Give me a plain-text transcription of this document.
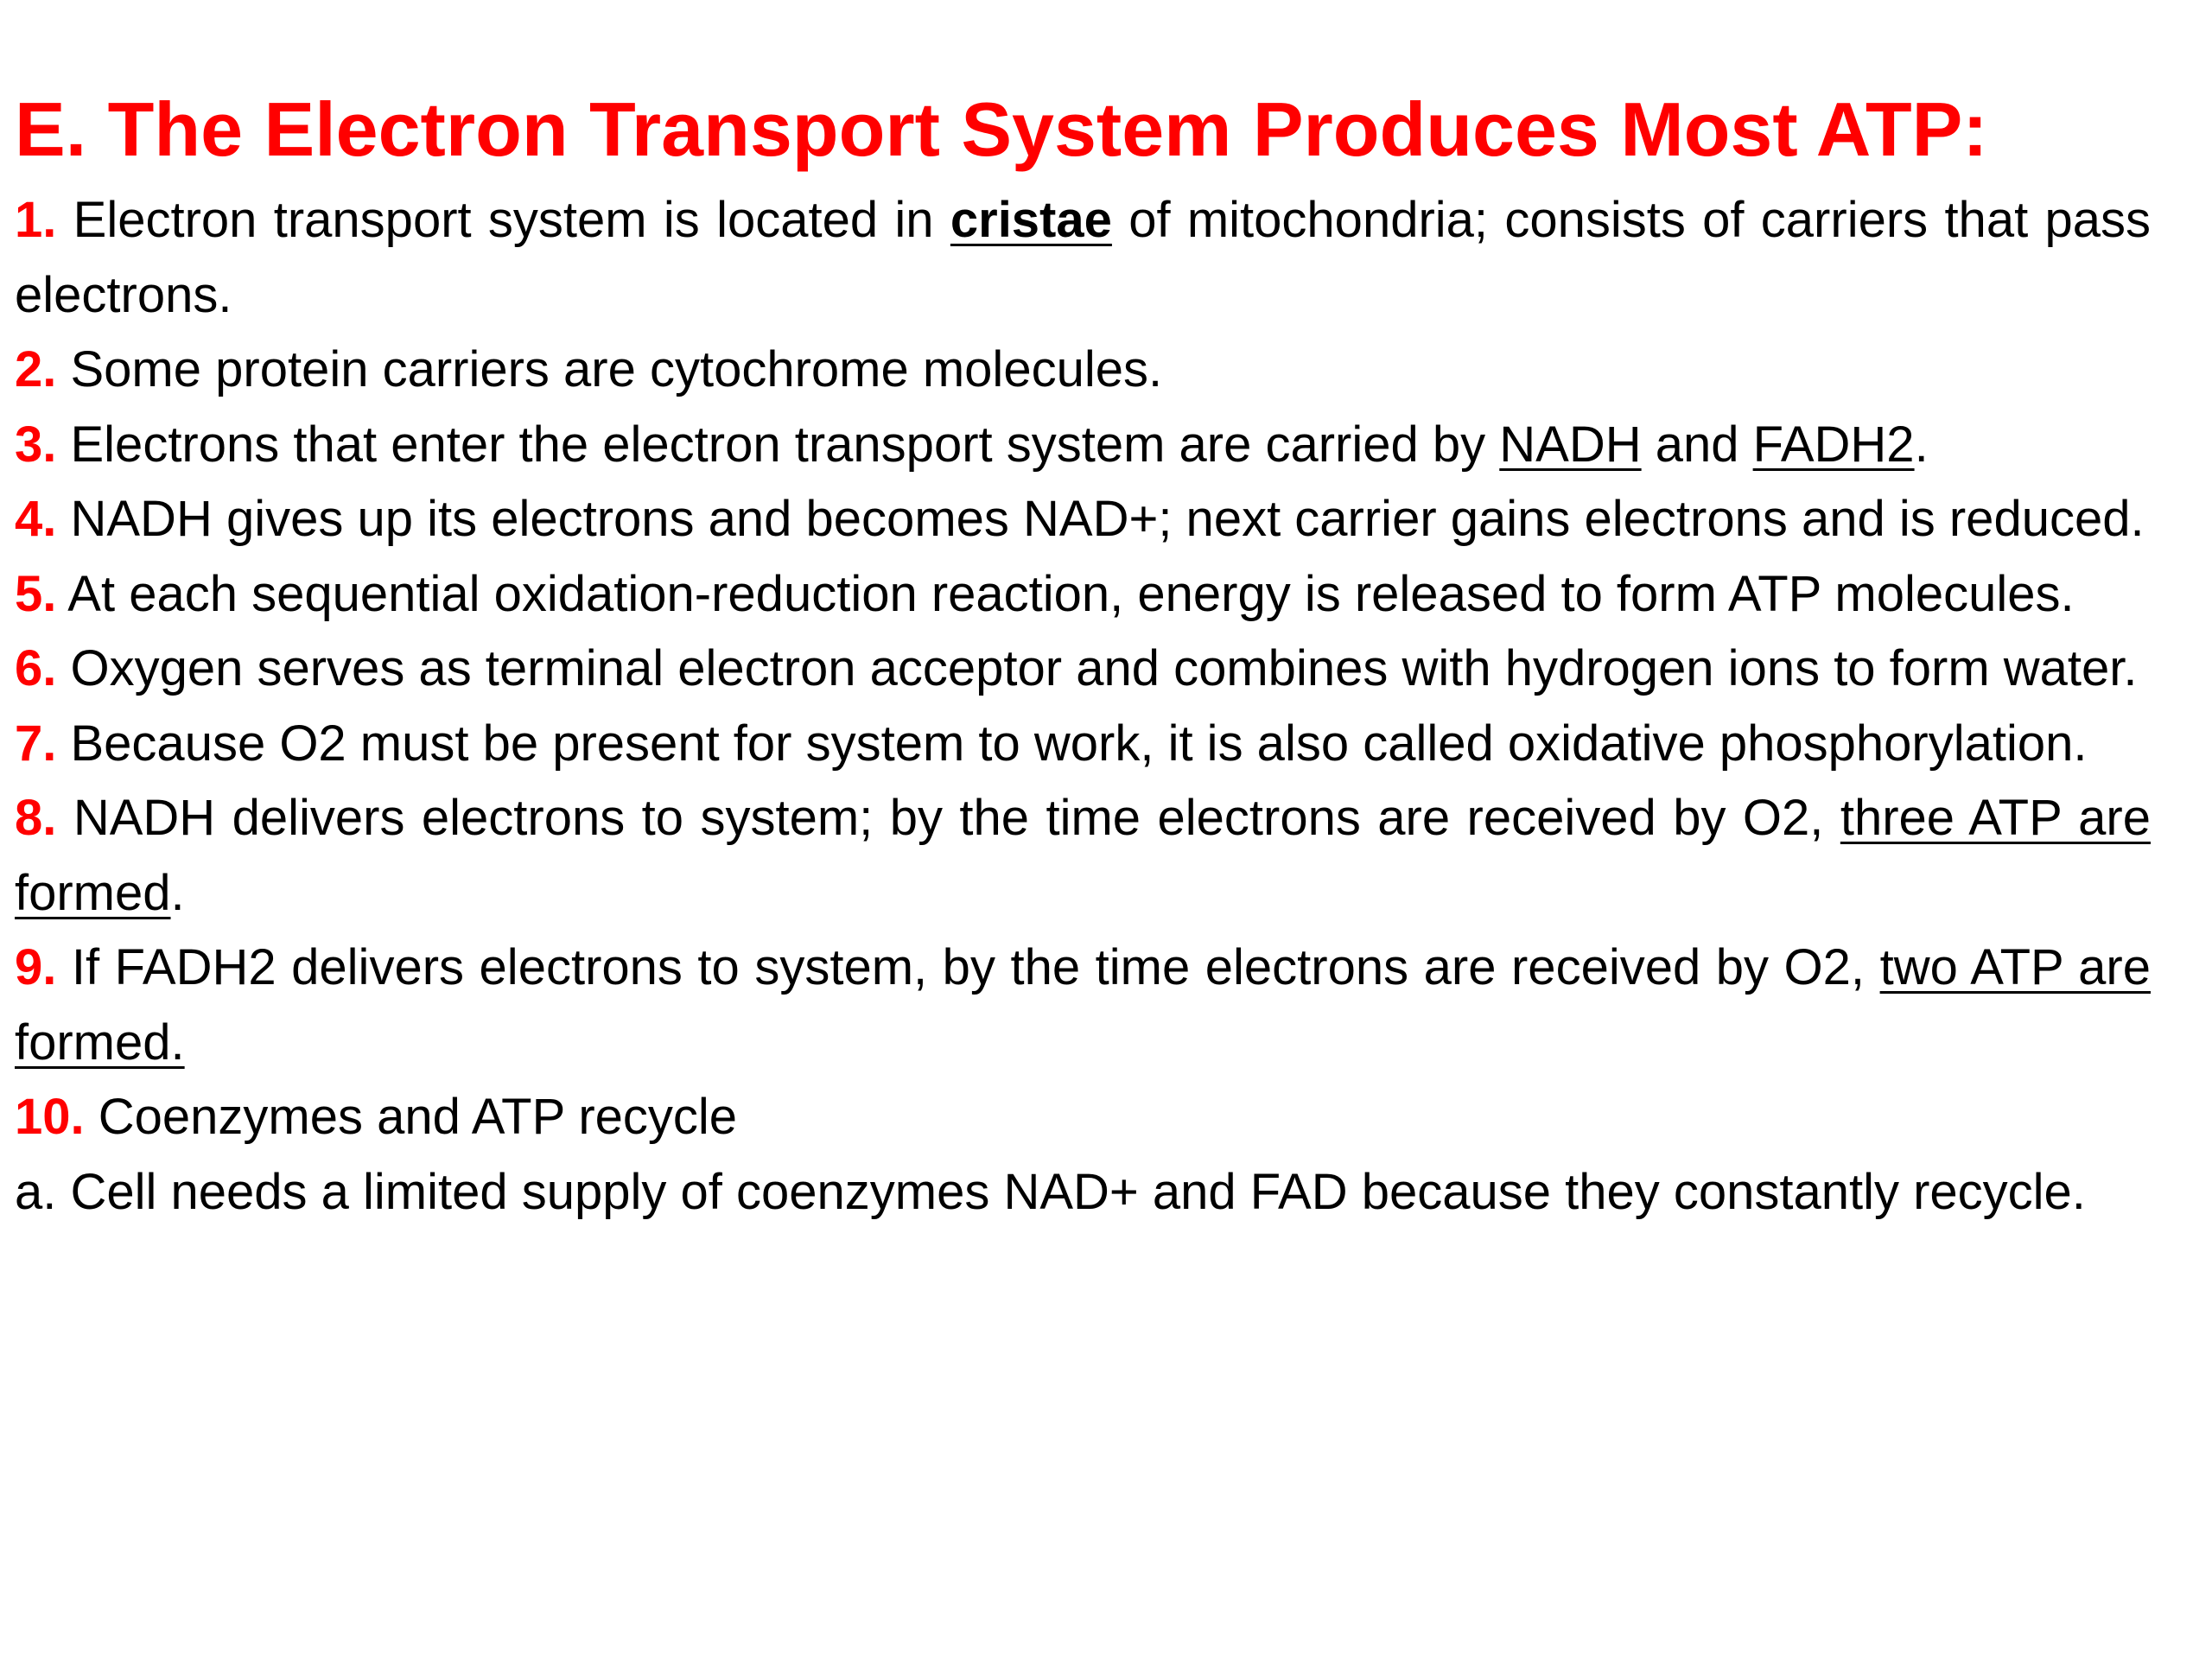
E. The Electron Transport System Produces Most ATP:

1. Electron transport system is located in cristae of mitochondria; consists of carriers that pass electrons.

2. Some protein carriers are cytochrome molecules.

3. Electrons that enter the electron transport system are carried by NADH and FADH2.

4. NADH gives up its electrons and becomes NAD+; next carrier gains electrons and is reduced.

5. At each sequential oxidation-reduction reaction, energy is released to form ATP molecules.

6. Oxygen serves as terminal electron acceptor and combines with hydrogen ions to form water.

7. Because O2 must be present for system to work, it is also called oxidative phosphorylation.

8. NADH delivers electrons to system; by the time electrons are received by O2, three ATP are formed.

9. If FADH2 delivers electrons to system, by the time electrons are received by O2, two ATP are formed.

10. Coenzymes and ATP recycle

a. Cell needs a limited supply of coenzymes NAD+ and FAD because they constantly recycle.
